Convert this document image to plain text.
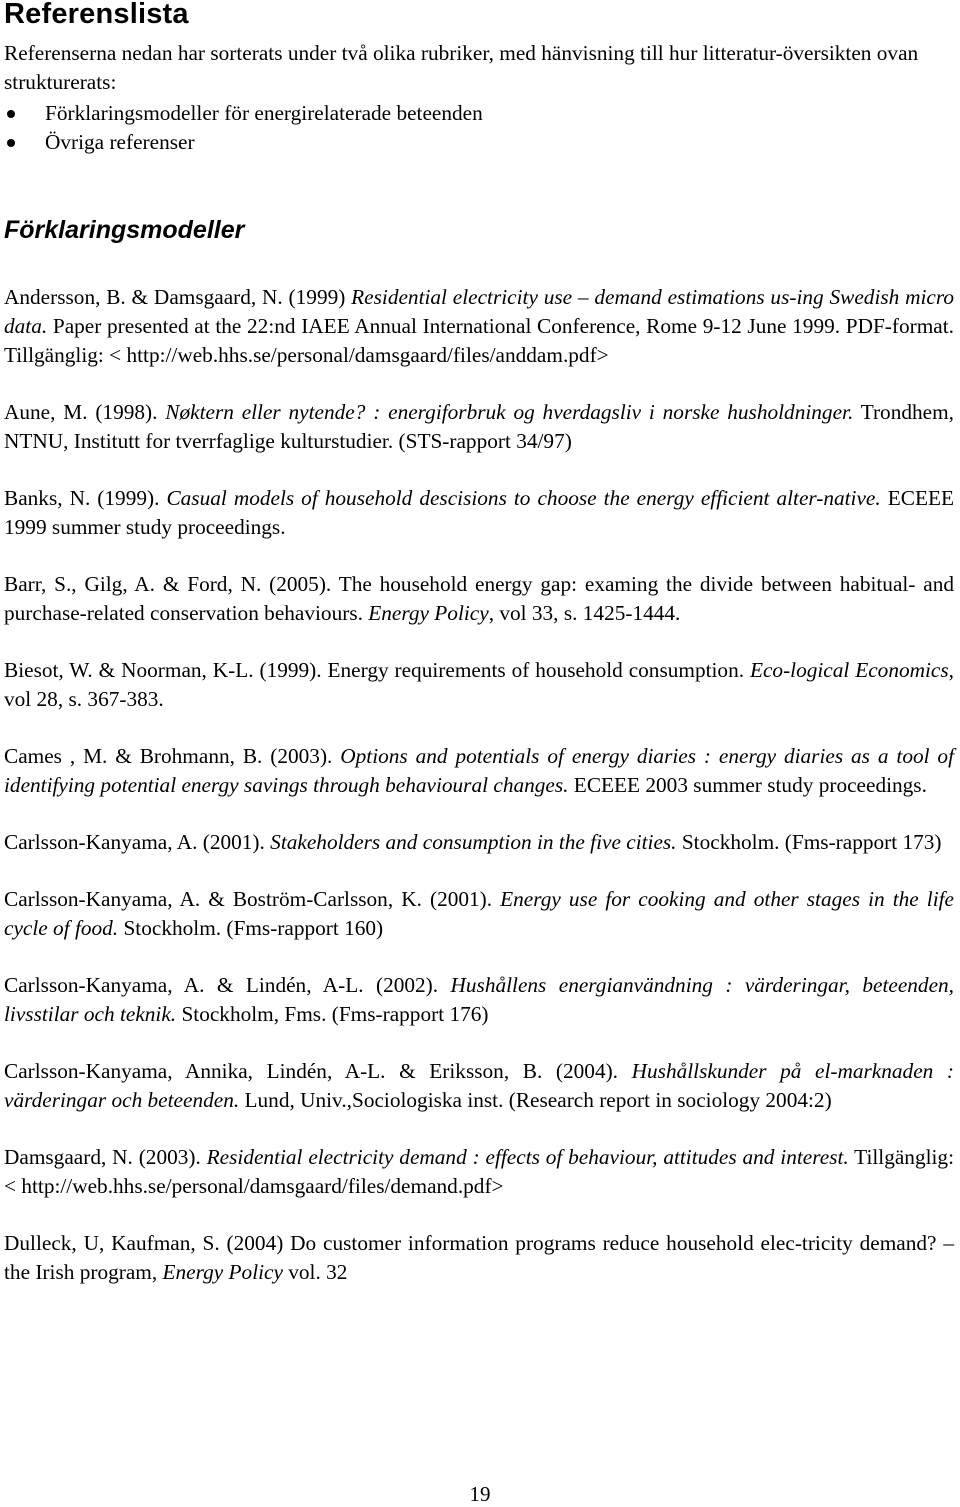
Referenslista

Referenserna nedan har sorterats under två olika rubriker, med hänvisning till hur litteratur-översikten ovan strukturerats:

Förklaringsmodeller för energirelaterade beteenden
Övriga referenser
Förklaringsmodeller

Andersson, B. & Damsgaard, N. (1999) Residential electricity use – demand estimations us-ing Swedish micro data. Paper presented at the 22:nd IAEE Annual International Conference, Rome 9-12 June 1999. PDF-format. Tillgänglig: < http://web.hhs.se/personal/damsgaard/files/anddam.pdf>

Aune, M. (1998). Nøktern eller nytende? : energiforbruk og hverdagsliv i norske husholdninger. Trondhem, NTNU, Institutt for tverrfaglige kulturstudier. (STS-rapport 34/97)

Banks, N. (1999). Casual models of household descisions to choose the energy efficient alter-native. ECEEE 1999 summer study proceedings.

Barr, S., Gilg, A. & Ford, N. (2005). The household energy gap: examing the divide between habitual- and purchase-related conservation behaviours. Energy Policy, vol 33, s. 1425-1444.

Biesot, W. & Noorman, K-L. (1999). Energy requirements of household consumption. Eco-logical Economics, vol 28, s. 367-383.

Cames , M. & Brohmann, B. (2003). Options and potentials of energy diaries : energy diaries as a tool of identifying potential energy savings through behavioural changes. ECEEE 2003 summer study proceedings.

Carlsson-Kanyama, A. (2001). Stakeholders and consumption in the five cities. Stockholm. (Fms-rapport 173)

Carlsson-Kanyama, A. & Boström-Carlsson, K. (2001). Energy use for cooking and other stages in the life cycle of food. Stockholm. (Fms-rapport 160)

Carlsson-Kanyama, A. & Lindén, A-L. (2002). Hushållens energianvändning : värderingar, beteenden, livsstilar och teknik. Stockholm, Fms. (Fms-rapport 176)

Carlsson-Kanyama, Annika, Lindén, A-L. & Eriksson, B. (2004). Hushållskunder på el-marknaden : värderingar och beteenden. Lund, Univ.,Sociologiska inst. (Research report in sociology 2004:2)

Damsgaard, N. (2003). Residential electricity demand : effects of behaviour, attitudes and interest. Tillgänglig: < http://web.hhs.se/personal/damsgaard/files/demand.pdf>

Dulleck, U, Kaufman, S. (2004) Do customer information programs reduce household elec-tricity demand? – the Irish program, Energy Policy vol. 32

19
